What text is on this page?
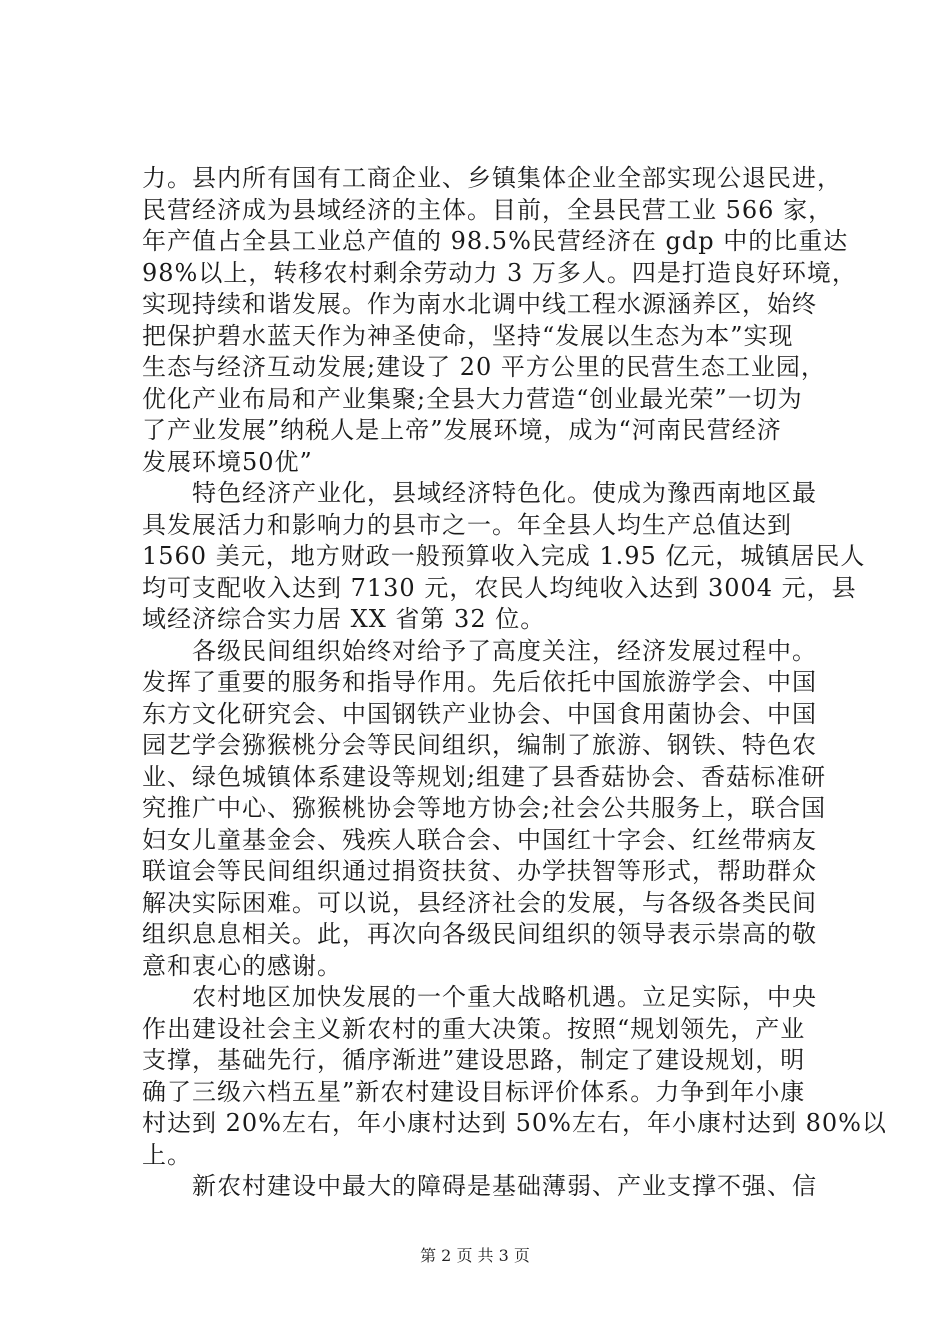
力。县内所有国有工商企业、乡镇集体企业全部实现公退民进，
民营经济成为县域经济的主体。目前，全县民营工业 566 家，
年产值占全县工业总产值的 98.5%民营经济在 gdp 中的比重达
98%以上，转移农村剩余劳动力 3 万多人。四是打造良好环境，
实现持续和谐发展。作为南水北调中线工程水源涵养区，始终
把保护碧水蓝天作为神圣使命，坚持“发展以生态为本”实现
生态与经济互动发展;建设了 20 平方公里的民营生态工业园，
优化产业布局和产业集聚;全县大力营造“创业最光荣”一切为
了产业发展”纳税人是上帝”发展环境，成为“河南民营经济
发展环境50优”
　　特色经济产业化，县域经济特色化。使成为豫西南地区最
具发展活力和影响力的县市之一。年全县人均生产总值达到
1560 美元，地方财政一般预算收入完成 1.95 亿元，城镇居民人
均可支配收入达到 7130 元，农民人均纯收入达到 3004 元，县
域经济综合实力居 XX 省第 32 位。
　　各级民间组织始终对给予了高度关注，经济发展过程中。
发挥了重要的服务和指导作用。先后依托中国旅游学会、中国
东方文化研究会、中国钢铁产业协会、中国食用菌协会、中国
园艺学会猕猴桃分会等民间组织，编制了旅游、钢铁、特色农
业、绿色城镇体系建设等规划;组建了县香菇协会、香菇标准研
究推广中心、猕猴桃协会等地方协会;社会公共服务上，联合国
妇女儿童基金会、残疾人联合会、中国红十字会、红丝带病友
联谊会等民间组织通过捐资扶贫、办学扶智等形式，帮助群众
解决实际困难。可以说，县经济社会的发展，与各级各类民间
组织息息相关。此，再次向各级民间组织的领导表示崇高的敬
意和衷心的感谢。
　　农村地区加快发展的一个重大战略机遇。立足实际，中央
作出建设社会主义新农村的重大决策。按照“规划领先，产业
支撑，基础先行，循序渐进”建设思路，制定了建设规划，明
确了三级六档五星”新农村建设目标评价体系。力争到年小康
村达到 20%左右，年小康村达到 50%左右，年小康村达到 80%以
上。
　　新农村建设中最大的障碍是基础薄弱、产业支撑不强、信
第 2 页 共 3 页
